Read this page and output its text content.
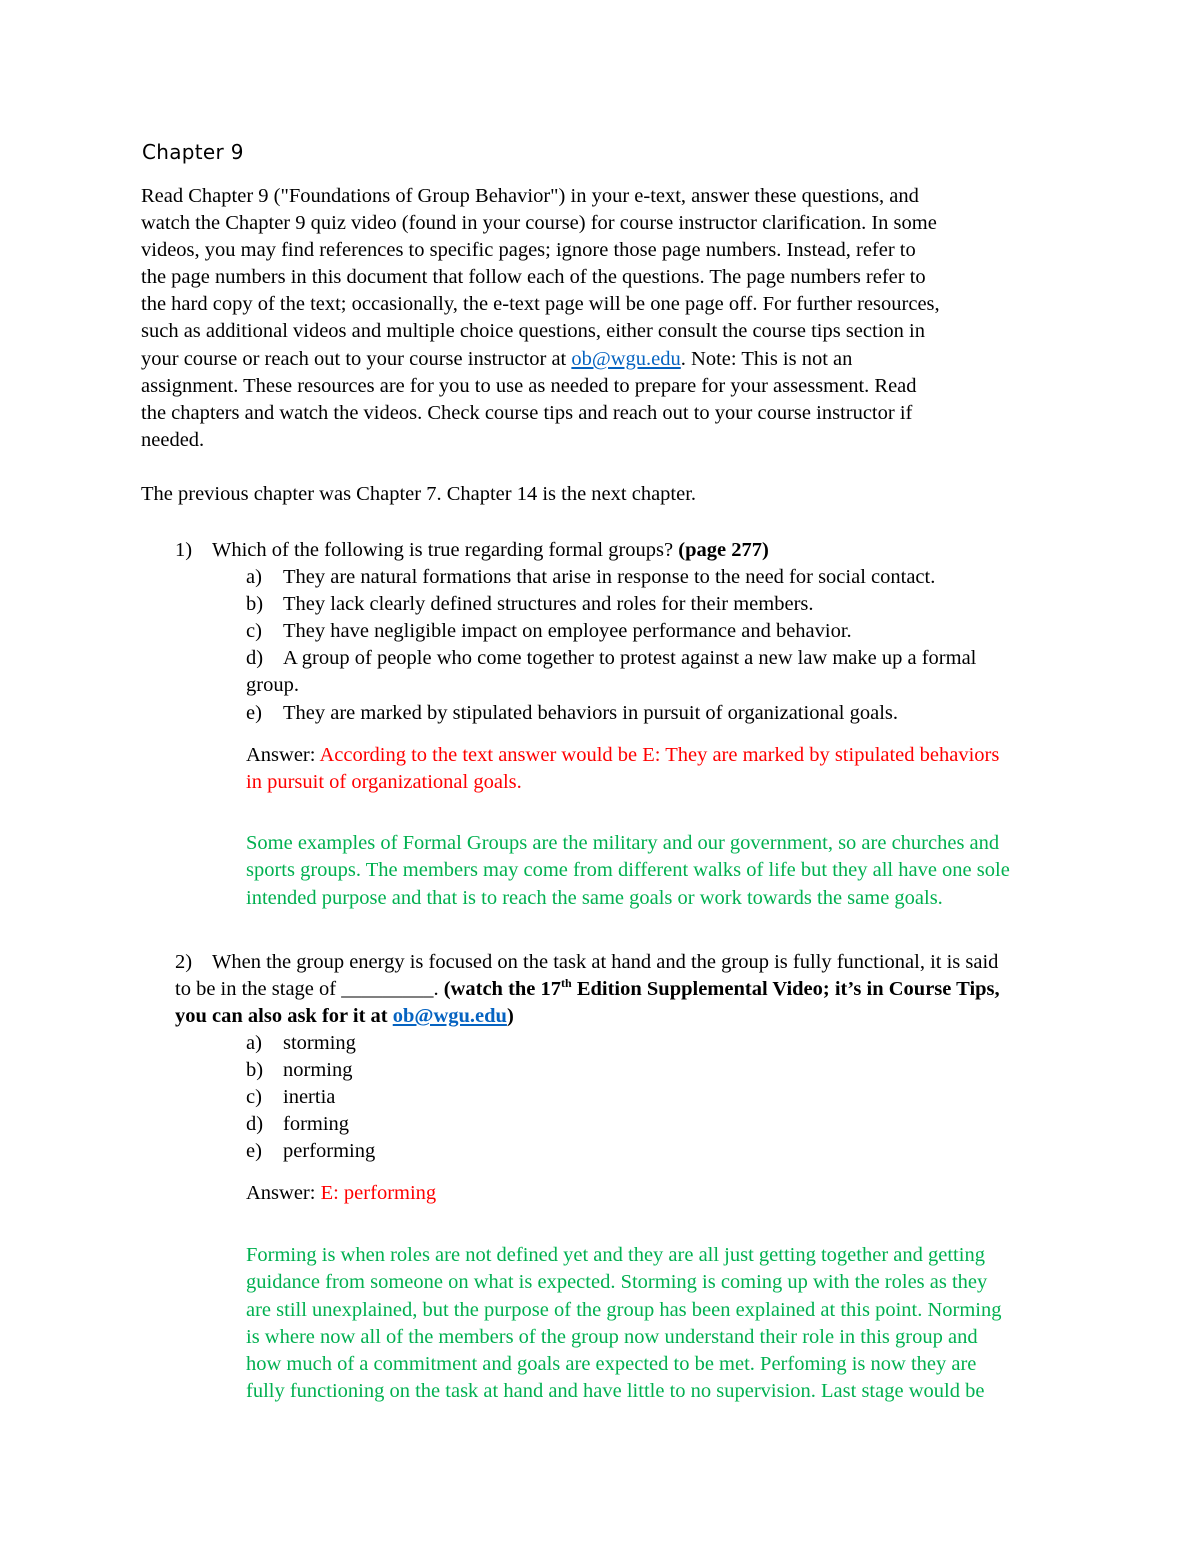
Chapter 9
Read Chapter 9 ("Foundations of Group Behavior") in your e-text, answer these questions, and
watch the Chapter 9 quiz video (found in your course) for course instructor clarification. In some
videos, you may find references to specific pages; ignore those page numbers. Instead, refer to
the page numbers in this document that follow each of the questions. The page numbers refer to
the hard copy of the text; occasionally, the e-text page will be one page off. For further resources,
such as additional videos and multiple choice questions, either consult the course tips section in
your course or reach out to your course instructor at ob@wgu.edu. Note: This is not an
assignment. These resources are for you to use as needed to prepare for your assessment. Read
the chapters and watch the videos. Check course tips and reach out to your course instructor if
needed.
The previous chapter was Chapter 7. Chapter 14 is the next chapter.
1) Which of the following is true regarding formal groups? (page 277)
a) They are natural formations that arise in response to the need for social contact.
b) They lack clearly defined structures and roles for their members.
c) They have negligible impact on employee performance and behavior.
d) A group of people who come together to protest against a new law make up a formal
group.
e) They are marked by stipulated behaviors in pursuit of organizational goals.
Answer: According to the text answer would be E: They are marked by stipulated behaviors
in pursuit of organizational goals.
Some examples of Formal Groups are the military and our government, so are churches and
sports groups. The members may come from different walks of life but they all have one sole
intended purpose and that is to reach the same goals or work towards the same goals.
2) When the group energy is focused on the task at hand and the group is fully functional, it is said
to be in the stage of _________. (watch the 17th Edition Supplemental Video; it’s in Course Tips,
you can also ask for it at ob@wgu.edu)
a) storming
b) norming
c) inertia
d) forming
e) performing
Answer: E: performing
Forming is when roles are not defined yet and they are all just getting together and getting
guidance from someone on what is expected. Storming is coming up with the roles as they
are still unexplained, but the purpose of the group has been explained at this point. Norming
is where now all of the members of the group now understand their role in this group and
how much of a commitment and goals are expected to be met. Perfoming is now they are
fully functioning on the task at hand and have little to no supervision. Last stage would be
